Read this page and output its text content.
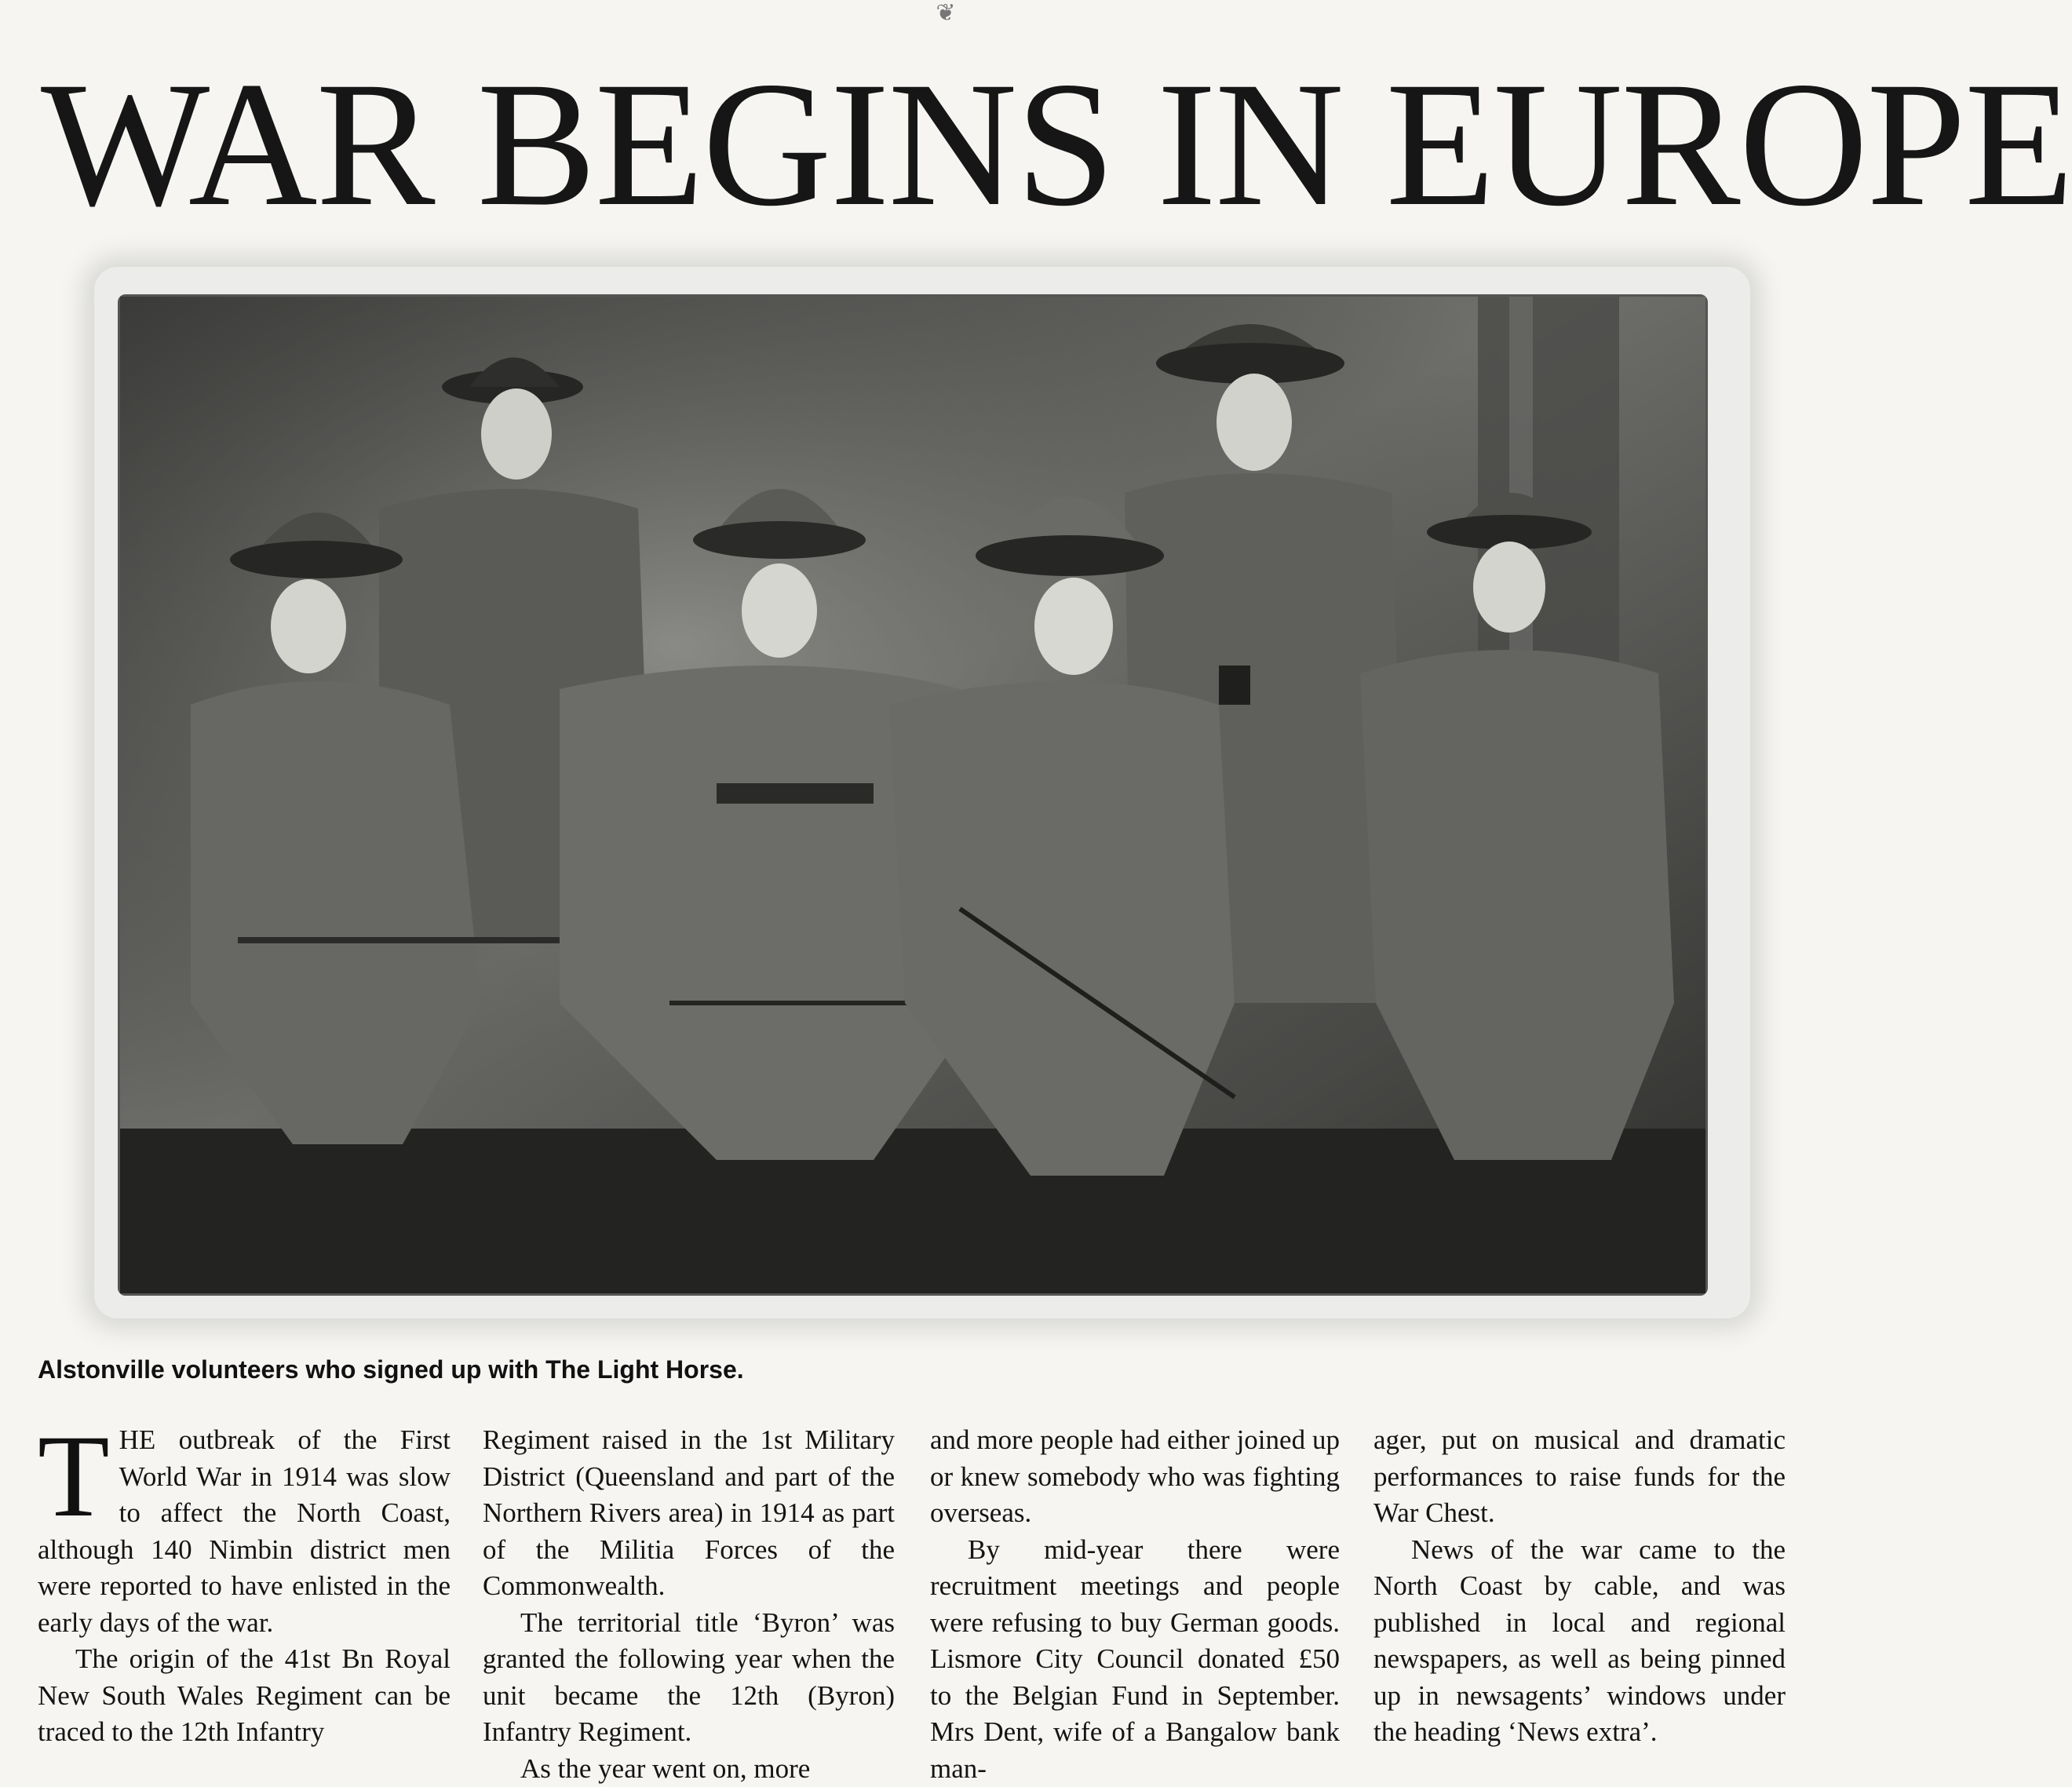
❦
WAR BEGINS IN EUROPE
Alstonville volunteers who signed up with The Light Horse.

THE outbreak of the First World War in 1914 was slow to affect the North Coast, although 140 Nimbin district men were reported to have enlisted in the early days of the war.

The origin of the 41st Bn Royal New South Wales Regiment can be traced to the 12th Infantry

Regiment raised in the 1st Military District (Queensland and part of the Northern Rivers area) in 1914 as part of the Militia Forces of the Commonwealth.

The territorial title ‘Byron’ was granted the following year when the unit became the 12th (Byron) Infantry Regiment.

As the year went on, more

and more people had either joined up or knew somebody who was fighting overseas.

By mid-year there were recruitment meetings and people were refusing to buy German goods. Lismore City Council donated £50 to the Belgian Fund in September. Mrs Dent, wife of a Bangalow bank man-

ager, put on musical and dramatic performances to raise funds for the War Chest.

News of the war came to the North Coast by cable, and was published in local and regional newspapers, as well as being pinned up in newsagents’ windows under the heading ‘News extra’.
